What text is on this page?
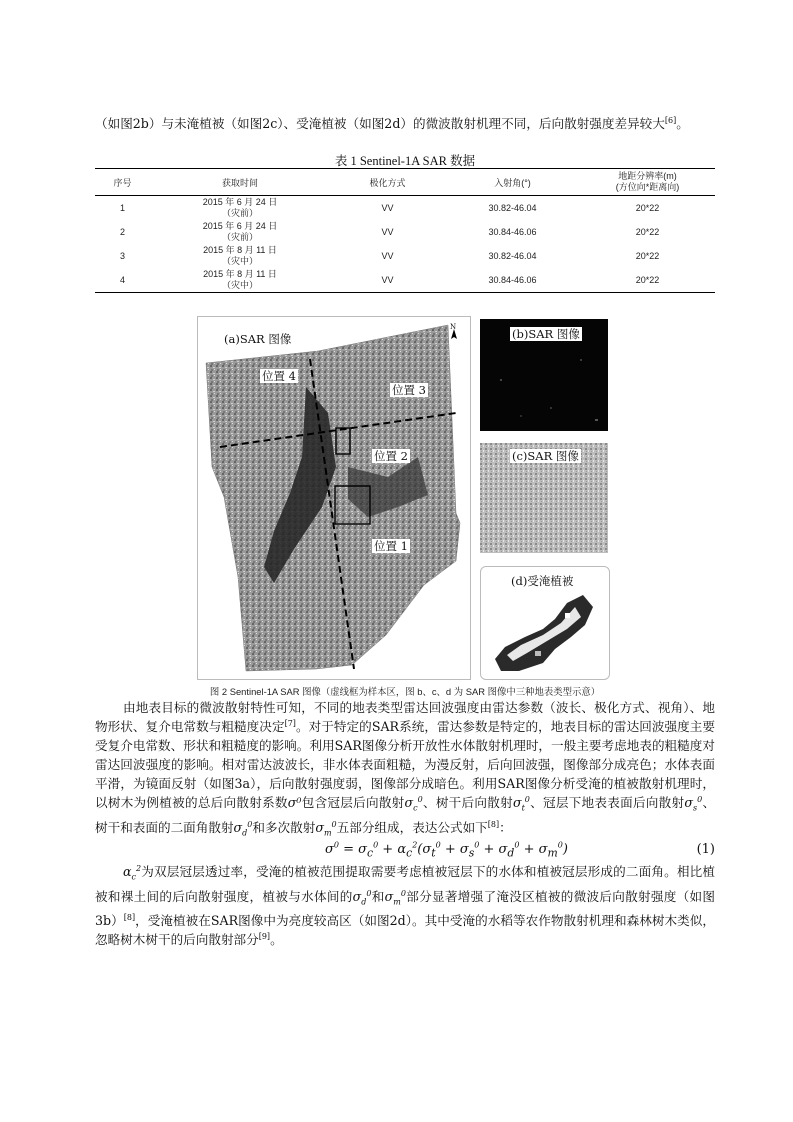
（如图2b）与未淹植被（如图2c）、受淹植被（如图2d）的微波散射机理不同，后向散射强度差异较大[6]。

表 1 Sentinel-1A SAR 数据
序号	获取时间	极化方式	入射角(°)	地距分辨率(m)
(方位向*距离向)
1	2015 年 6 月 24 日
（灾前）	VV	30.82-46.04	20*22
2	2015 年 6 月 24 日
（灾前）	VV	30.84-46.06	20*22
3	2015 年 8 月 11 日
（灾中）	VV	30.82-46.04	20*22
4	2015 年 8 月 11 日
（灾中）	VV	30.84-46.06	20*22
(a)SAR 图像
位置 4
位置 3
位置 2
位置 1
N	(b)SAR 图像
(c)SAR 图像
(d)受淹植被
图 2 Sentinel-1A SAR 图像（虚线框为样本区，图 b、c、d 为 SAR 图像中三种地表类型示意）

由地表目标的微波散射特性可知，不同的地表类型雷达回波强度由雷达参数（波长、极化方式、视角）、地物形状、复介电常数与粗糙度决定[7]。对于特定的SAR系统，雷达参数是特定的，地表目标的雷达回波强度主要受复介电常数、形状和粗糙度的影响。利用SAR图像分析开放性水体散射机理时，一般主要考虑地表的粗糙度对雷达回波强度的影响。相对雷达波波长，非水体表面粗糙，为漫反射，后向回波强，图像部分成亮色；水体表面平滑，为镜面反射（如图3a），后向散射强度弱，图像部分成暗色。利用SAR图像分析受淹的植被散射机理时，以树木为例植被的总后向散射系数σ⁰包含冠层后向散射$\sigma_c^0$、树干后向散射$\sigma_t^0$、冠层下地表表面后向散射$\sigma_s^0$、树干和表面的二面角散射$\sigma_d^0$和多次散射$\sigma_m^0$五部分组成，表达公式如下[8]：

$\sigma^0 = \sigma_c^0 + \alpha_c^2(\sigma_t^0 + \sigma_s^0 + \sigma_d^0 + \sigma_m^0)$	(1)

$\alpha_c^2$为双层冠层透过率，受淹的植被范围提取需要考虑植被冠层下的水体和植被冠层形成的二面角。相比植被和裸土间的后向散射强度，植被与水体间的$\sigma_d^0$和$\sigma_m^0$部分显著增强了淹没区植被的微波后向散射强度（如图3b）[8]，受淹植被在SAR图像中为亮度较高区（如图2d）。其中受淹的水稻等农作物散射机理和森林树木类似，忽略树木树干的后向散射部分[9]。
